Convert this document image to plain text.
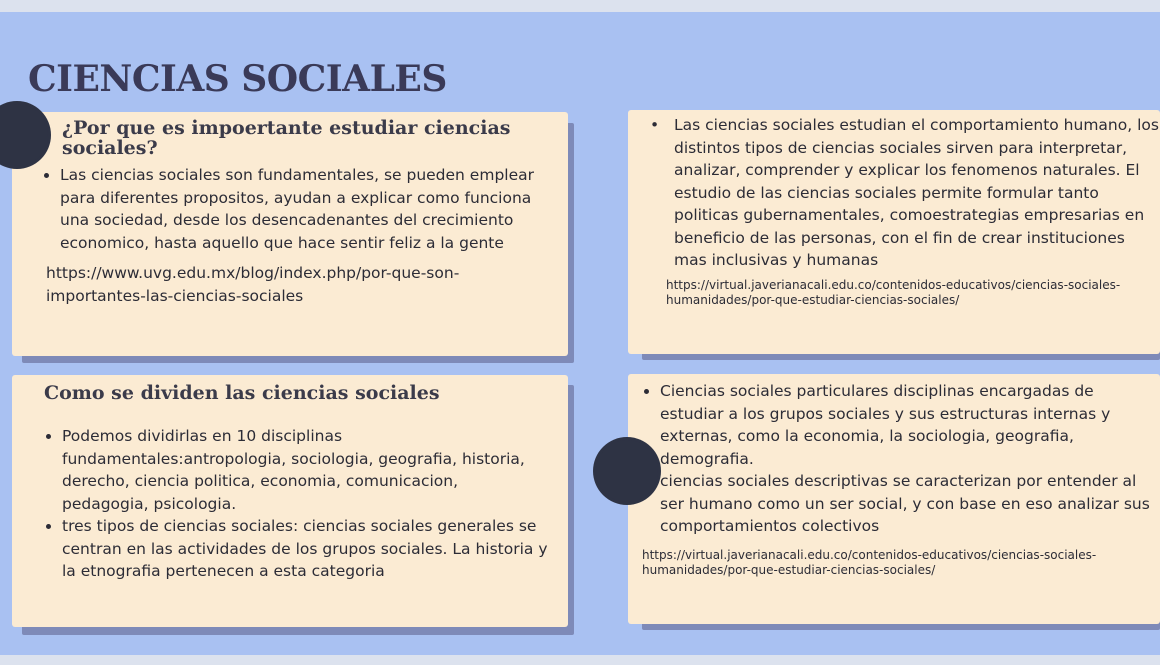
CIENCIAS SOCIALES
¿Por que es impoertante estudiar ciencias sociales?
• Las ciencias sociales son fundamentales, se pueden emplear para diferentes propositos, ayudan a explicar como funciona una sociedad, desde los desencadenantes del crecimiento economico, hasta aquello que hace sentir feliz a la gente

https://www.uvg.edu.mx/blog/index.php/por-que-son-importantes-las-ciencias-sociales

• Las ciencias sociales estudian el comportamiento humano, los distintos tipos de ciencias sociales sirven para interpretar, analizar, comprender y explicar los fenomenos naturales. El estudio de las ciencias sociales permite formular tanto politicas gubernamentales, comoestrategias empresarias en beneficio de las personas, con el fin de crear instituciones mas inclusivas y humanas

https://virtual.javerianacali.edu.co/contenidos-educativos/ciencias-sociales-humanidades/por-que-estudiar-ciencias-sociales/

Como se dividen las ciencias sociales
• Podemos dividirlas en 10 disciplinas fundamentales:antropologia, sociologia, geografia, historia, derecho, ciencia politica, economia, comunicacion, pedagogia, psicologia.
• tres tipos de ciencias sociales: ciencias sociales generales se centran en las actividades de los grupos sociales. La historia y la etnografia pertenecen a esta categoria
• Ciencias sociales particulares disciplinas encargadas de estudiar a los grupos sociales y sus estructuras internas y externas, como la economia, la sociologia, geografia, demografia.
• ciencias sociales descriptivas se caracterizan por entender al ser humano como un ser social, y con base en eso analizar sus comportamientos colectivos

https://virtual.javerianacali.edu.co/contenidos-educativos/ciencias-sociales-humanidades/por-que-estudiar-ciencias-sociales/
